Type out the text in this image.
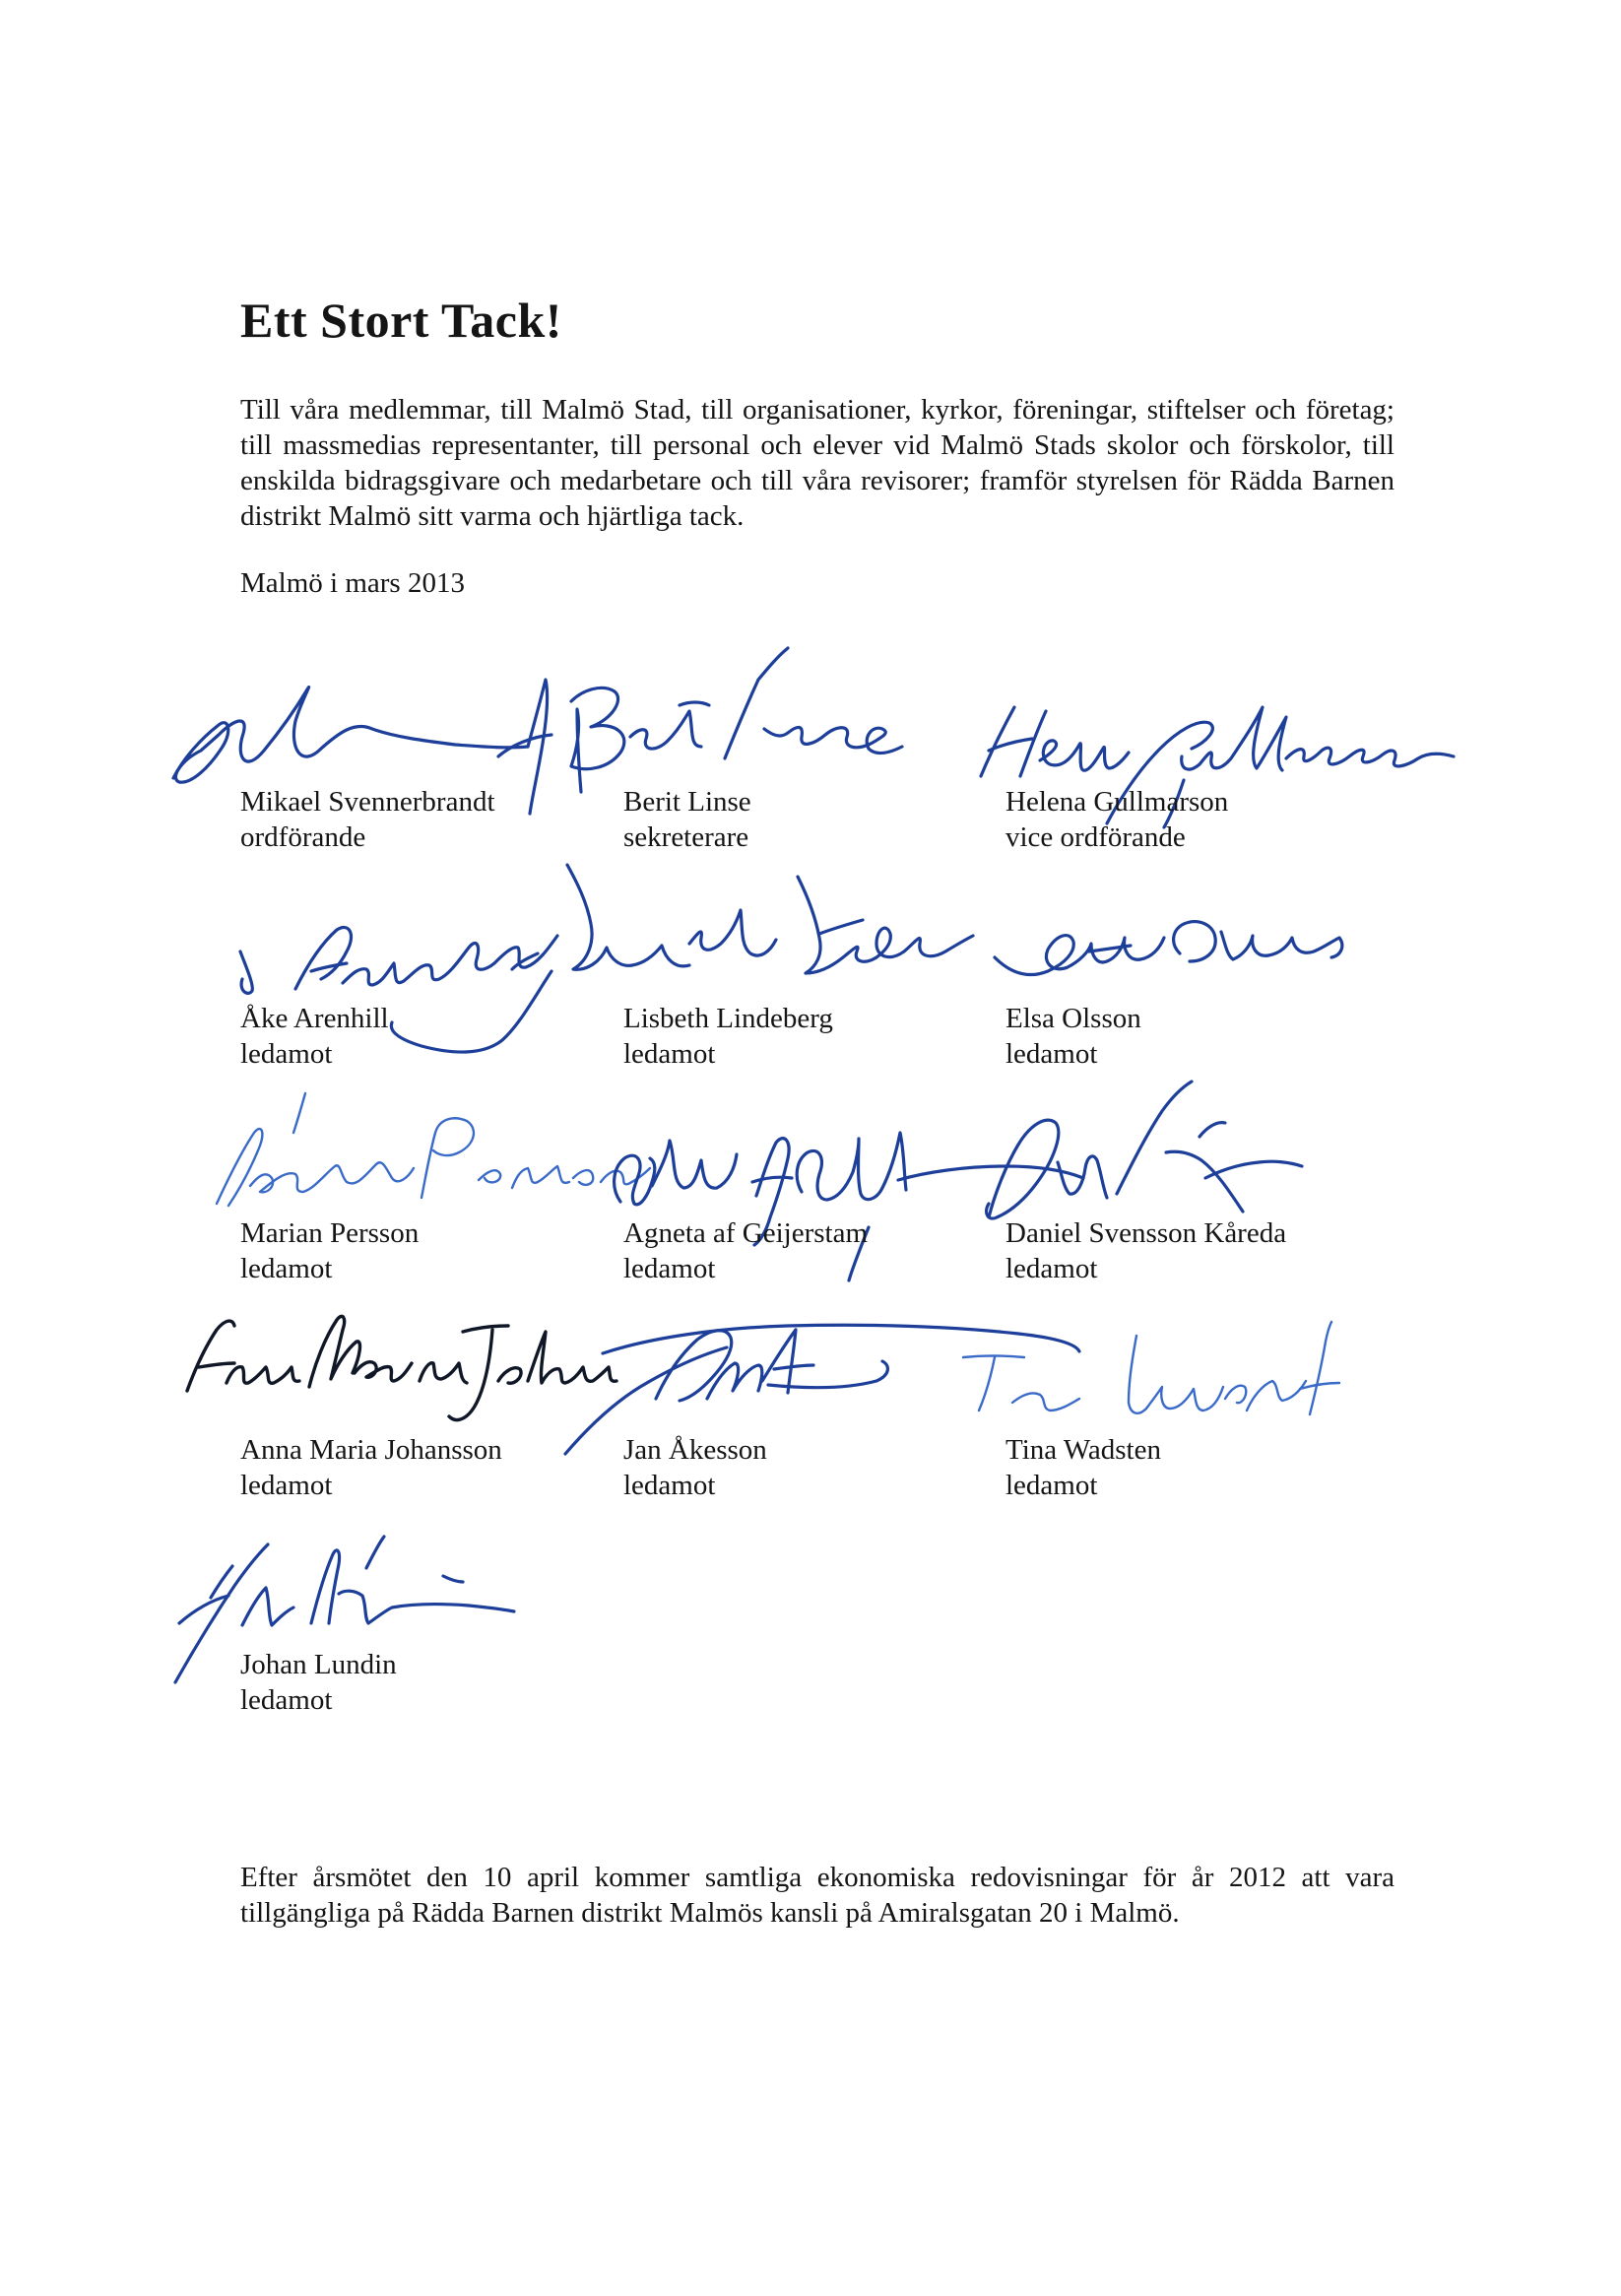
Ett Stort Tack!

Till våra medlemmar, till Malmö Stad, till organisationer, kyrkor, föreningar, stiftelser och företag; till massmedias representanter, till personal och elever vid Malmö Stads skolor och förskolor, till enskilda bidragsgivare och medarbetare och till våra revisorer; framför styrelsen för Rädda Barnen distrikt Malmö sitt varma och hjärtliga tack.

Malmö i mars 2013

Mikael Svennerbrandt
ordförande
Berit Linse
sekreterare
Helena Gullmarson
vice ordförande
Åke Arenhill
ledamot
Lisbeth Lindeberg
ledamot
Elsa Olsson
ledamot
Marian Persson
ledamot
Agneta af Geijerstam
ledamot
Daniel Svensson Kåreda
ledamot
Anna Maria Johansson
ledamot
Jan Åkesson
ledamot
Tina Wadsten
ledamot
Johan Lundin
ledamot

Efter årsmötet den 10 april kommer samtliga ekonomiska redovisningar för år 2012 att vara tillgängliga på Rädda Barnen distrikt Malmös kansli på Amiralsgatan 20 i Malmö.
